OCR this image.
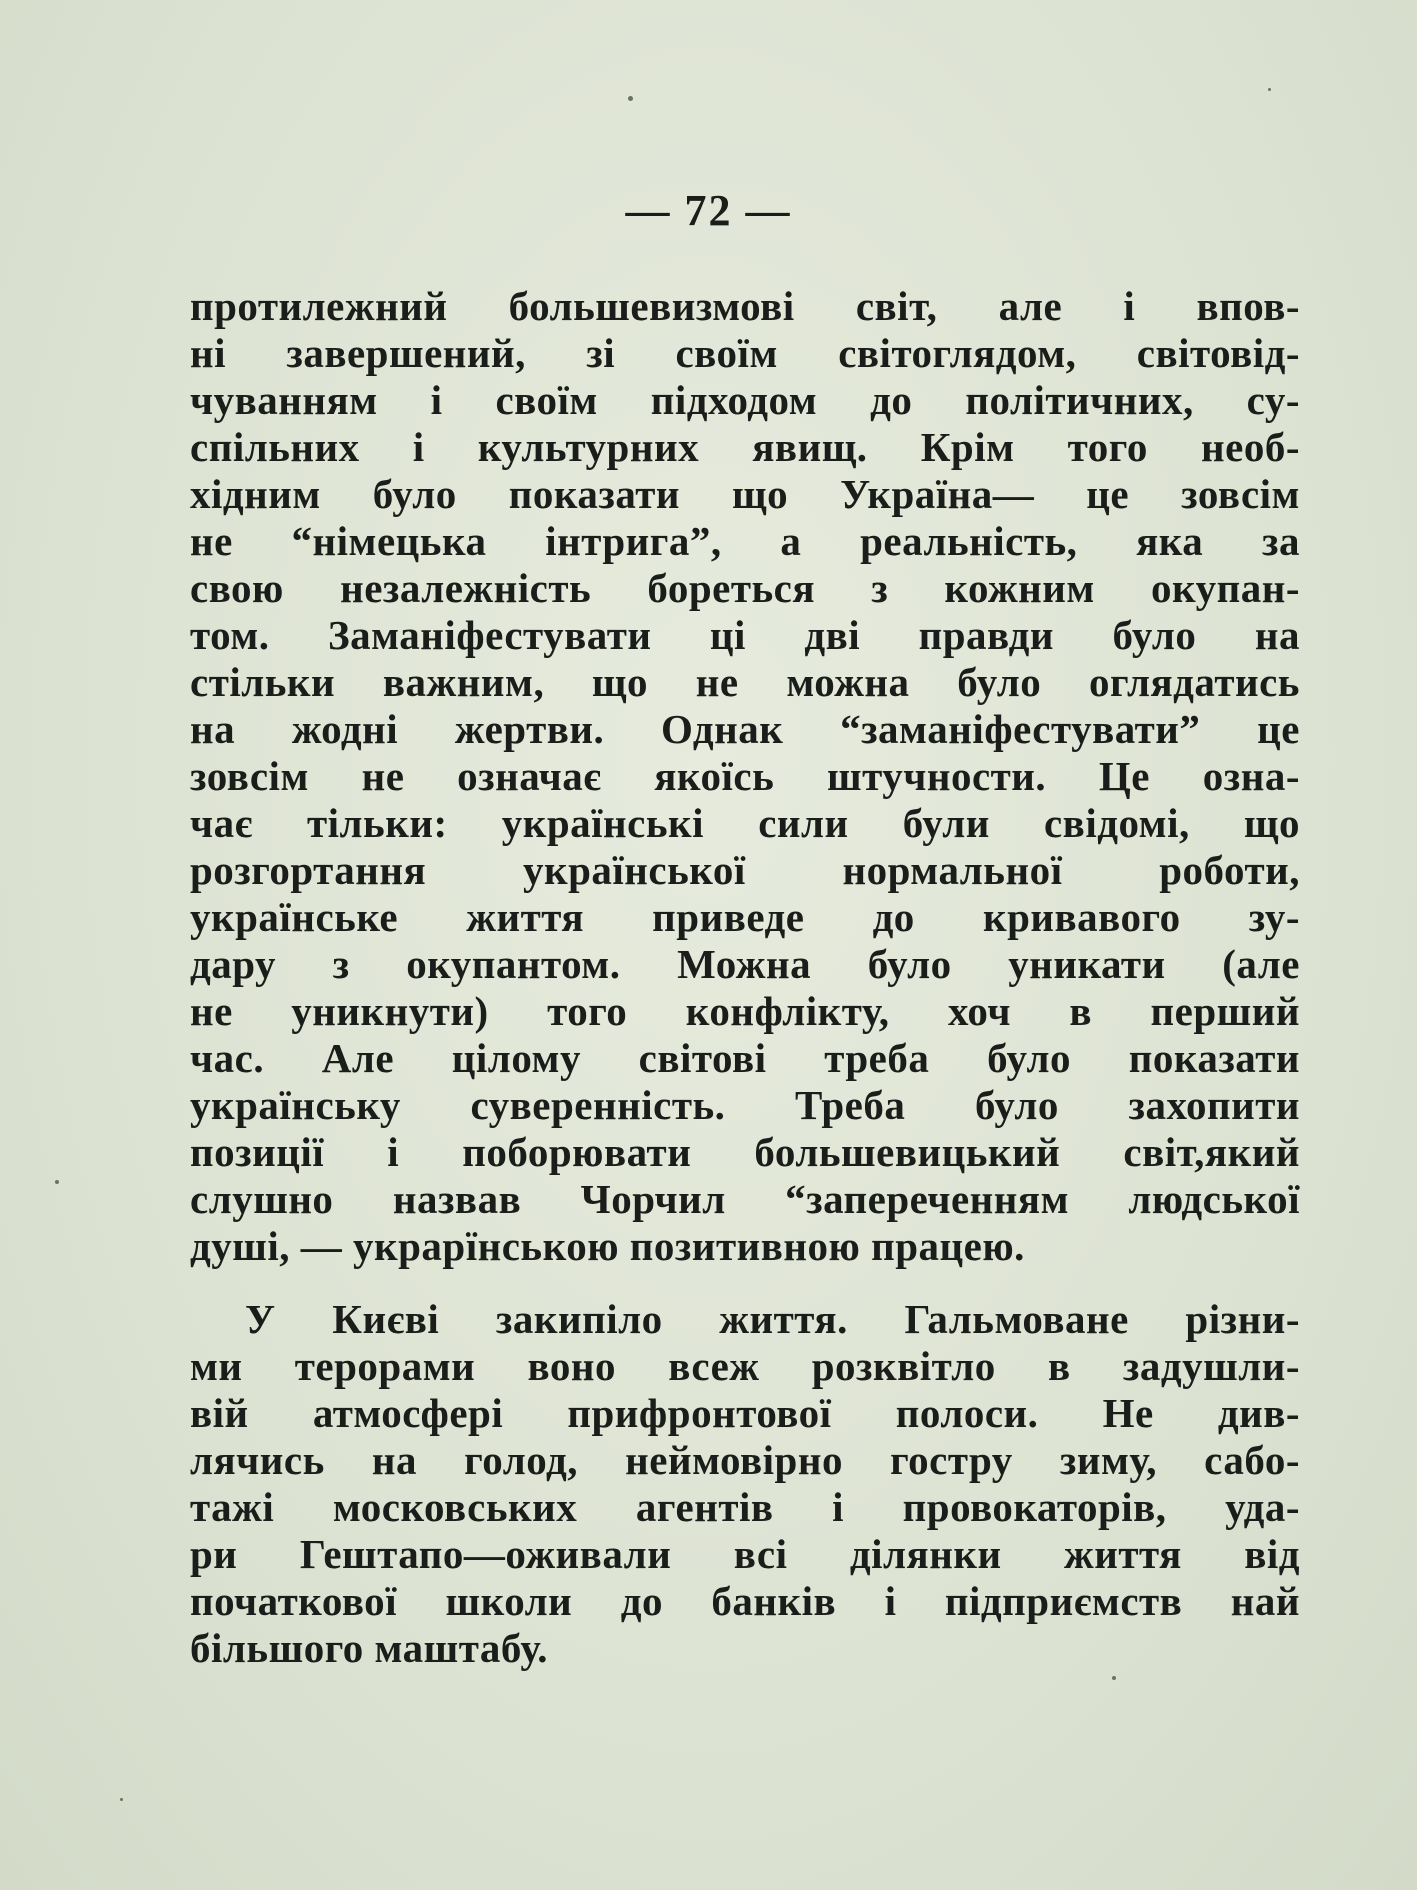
— 72 —
протилежний большевизмові світ, але і впов-
ні завершений, зі своїм світоглядом, світовід-
чуванням і своїм підходом до політичних, су-
спільних і культурних явищ. Крім того необ-
хідним було показати що Україна— це зовсім
не “німецька інтрига”, а реальність, яка за
свою незалежність бореться з кожним окупан-
том. Заманіфестувати ці дві правди було на
стільки важним, що не можна було оглядатись
на жодні жертви. Однак “заманіфестувати” це
зовсім не означає якоїсь штучности. Це озна-
чає тільки: українські сили були свідомі, що
розгортання української нормальної роботи,
українське життя приведе до кривавого зу-
дару з окупантом. Можна було уникати (але
не уникнути) того конфлікту, хоч в перший
час. Але цілому світові треба було показати
українську суверенність. Треба було захопити
позиції і поборювати большевицький світ,який
слушно назвав Чорчил “запереченням людської
душі, — украрїнською позитивною працею.
У Києві закипіло життя. Гальмоване різни-
ми терорами воно всеж розквітло в задушли-
вій атмосфері прифронтової полоси. Не див-
лячись на голод, неймовірно гостру зиму, сабо-
тажі московських агентів і провокаторів, уда-
ри Гештапо—оживали всі ділянки життя від
початкової школи до банків і підприємств най
більшого маштабу.
